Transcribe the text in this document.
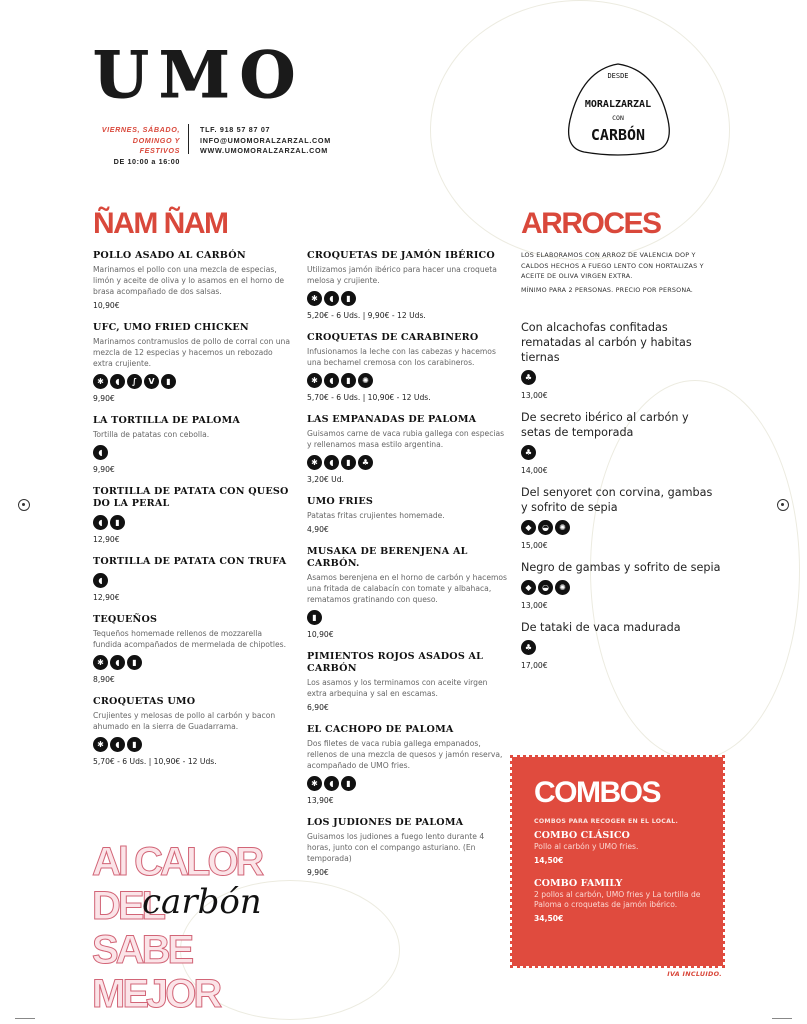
UMO
VIERNES, SÁBADO,
DOMINGO Y FESTIVOS
DE 10:00 a 16:00
TLF. 918 57 87 07
INFO@UMOMORALZARZAL.COM
WWW.UMOMORALZARZAL.COM
DESDE
MORALZARZAL
CON
CARBÓN
ÑAM ÑAM
POLLO ASADO AL CARBÓN
Marinamos el pollo con una mezcla de especias, limón y aceite de oliva y lo asamos en el horno de brasa acompañado de dos salsas.
10,90€
UFC, UMO FRIED CHICKEN
Marinamos contramuslos de pollo de corral con una mezcla de 12 especias y hacemos un rebozado extra crujiente.
✱	◖	∫	V	▮
9,90€
LA TORTILLA DE PALOMA
Tortilla de patatas con cebolla.
◖
9,90€
TORTILLA DE PATATA CON QUESO DO LA PERAL
◖	▮
12,90€
TORTILLA DE PATATA CON TRUFA
◖
12,90€
TEQUEÑOS
Tequeños homemade rellenos de mozzarella fundida acompañados de mermelada de chipotles.
✱	◖	▮
8,90€
CROQUETAS UMO
Crujientes y melosas de pollo al carbón y bacon ahumado en la sierra de Guadarrama.
✱	◖	▮
5,70€ - 6 Uds. | 10,90€ - 12 Uds.
CROQUETAS DE JAMÓN IBÉRICO
Utilizamos jamón ibérico para hacer una croqueta melosa y crujiente.
✱	◖	▮
5,20€ - 6 Uds. | 9,90€ - 12 Uds.
CROQUETAS DE CARABINERO
Infusionamos la leche con las cabezas y hacemos una bechamel cremosa con los carabineros.
✱	◖	▮	✺
5,70€ - 6 Uds. | 10,90€ - 12 Uds.
LAS EMPANADAS DE PALOMA
Guisamos carne de vaca rubia gallega con especias y rellenamos masa estilo argentina.
✱	◖	▮	♣
3,20€ Ud.
UMO FRIES
Patatas fritas crujientes homemade.
4,90€
MUSAKA DE BERENJENA AL CARBÓN.
Asamos berenjena en el horno de carbón y hacemos una fritada de calabacín con tomate y albahaca, rematamos gratinando con queso.
▮
10,90€
PIMIENTOS ROJOS ASADOS AL CARBÓN
Los asamos y los terminamos con aceite virgen extra arbequina y sal en escamas.
6,90€
EL CACHOPO DE PALOMA
Dos filetes de vaca rubia gallega empanados, rellenos de una mezcla de quesos y jamón reserva, acompañado de UMO fries.
✱	◖	▮
13,90€
LOS JUDIONES DE PALOMA
Guisamos los judiones a fuego lento durante 4 horas, junto con el compango asturiano. (En temporada)
9,90€
ARROCES

LOS ELABORAMOS CON ARROZ DE VALENCIA DOP Y CALDOS HECHOS A FUEGO LENTO CON HORTALIZAS Y ACEITE DE OLIVA VIRGEN EXTRA.

MÍNIMO PARA 2 PERSONAS. PRECIO POR PERSONA.

Con alcachofas confitadas rematadas al carbón y habitas tiernas
♣
13,00€
De secreto ibérico al carbón y setas de temporada
♣
14,00€
Del senyoret con corvina, gambas y sofrito de sepia
◆	◒	✺
15,00€
Negro de gambas y sofrito de sepia
◆	◒	✺
13,00€
De tataki de vaca madurada
♣
17,00€
COMBOS
COMBOS PARA RECOGER EN EL LOCAL.
COMBO CLÁSICO
Pollo al carbón y UMO fries.
14,50€
COMBO FAMILY
2 pollos al carbón, UMO fries y La tortilla de Paloma o croquetas de jamón ibérico.
34,50€
IVA INCLUIDO.
Al CALOR
DEL
SABE MEJOR
carbón
